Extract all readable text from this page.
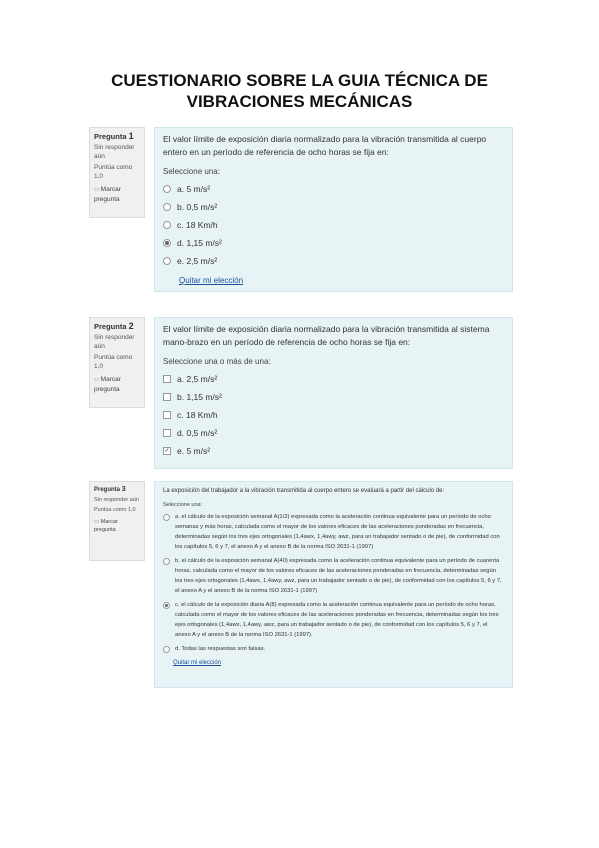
CUESTIONARIO SOBRE LA GUIA TÉCNICA DE
VIBRACIONES MECÁNICAS
Pregunta 1
Sin responder aún
Puntúa como 1,0
▭Marcar pregunta
El valor límite de exposición diaria normalizado para la vibración transmitida al cuerpo entero en un período de referencia de ocho horas se fija en:
Seleccione una:
a. 5 m/s²
b. 0,5 m/s²
c. 18 Km/h
d. 1,15 m/s²
e. 2,5 m/s²
Quitar mi elección
Pregunta 2
Sin responder aún
Puntúa como 1,0
▭Marcar pregunta
El valor límite de exposición diaria normalizado para la vibración transmitida al sistema mano-brazo en un período de referencia de ocho horas se fija en:
Seleccione una o más de una:
a. 2,5 m/s²
b. 1,15 m/s²
c. 18 Km/h
d. 0,5 m/s²
✓ e. 5 m/s²
Pregunta 3
Sin responder aún
Puntúa como 1,0
▭Marcar pregunta
La exposición del trabajador a la vibración transmitida al cuerpo entero se evaluará a partir del cálculo de:
Seleccione una:
a. el cálculo de la exposición semanal A(1/2) expresada como la aceleración continua equivalente para un período de ocho semanas y más horas, calculada como el mayor de los valores eficaces de las aceleraciones ponderadas en frecuencia, determinadas según los tres ejes ortogonales (1,4awx, 1,4awy, awz, para un trabajador sentado o de pie), de conformidad con los capítulos 5, 6 y 7, el anexo A y el anexo B de la norma ISO 2631-1 (1997)
b. el cálculo de la exposición semanal A(40) expresada como la aceleración continua equivalente para un período de cuarenta horas, calculada como el mayor de los valores eficaces de las aceleraciones ponderadas en frecuencia, determinadas según los tres ejes ortogonales (1,4awx, 1,4awy, awz, para un trabajador sentado o de pie), de conformidad con los capítulos 5, 6 y 7, el anexo A y el anexo B de la norma ISO 2631-1 (1997)
c. el cálculo de la exposición diaria A(8) expresada como la aceleración continua equivalente para un período de ocho horas, calculada como el mayor de los valores eficaces de las aceleraciones ponderadas en frecuencia, determinadas según los tres ejes ortogonales (1,4awx, 1,4awy, awz, para un trabajador sentado o de pie), de conformidad con los capítulos 5, 6 y 7, el anexo A y el anexo B de la norma ISO 2631-1 (1997).
d. Todas las respuestas son falsas.
Quitar mi elección
